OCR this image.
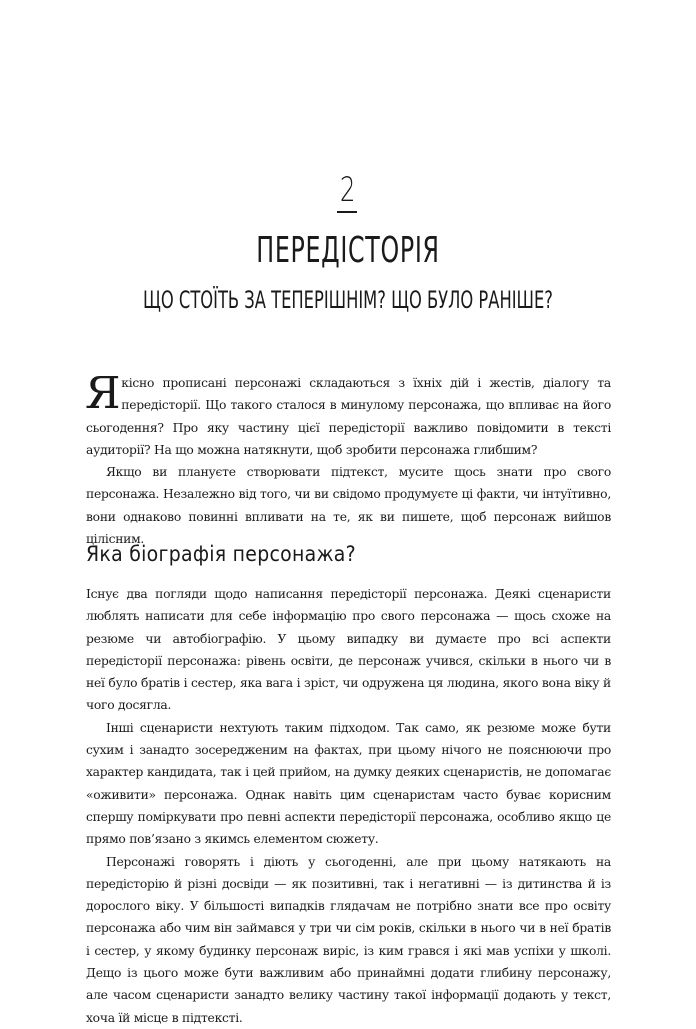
2
ПЕРЕДІСТОРІЯ
ЩО СТОЇТЬ ЗА ТЕПЕРІШНІМ? ЩО БУЛО РАНІШЕ?

Якісно прописані персонажі складаються з їхніх дій і жестів, діалогу та передісторії. Що такого сталося в минулому персонажа, що впливає на його сьогодення? Про яку частину цієї передісторії важливо повідомити в тексті аудиторії? На що можна натякнути, щоб зробити персонажа глибшим?

Якщо ви плануєте створювати підтекст, мусите щось знати про свого персонажа. Незалежно від того, чи ви свідомо продумуєте ці факти, чи інтуїтивно, вони однаково повинні впливати на те, як ви пишете, щоб персонаж вийшов цілісним.

Яка біографія персонажа?

Існує два погляди щодо написання передісторії персонажа. Деякі сценаристи люблять написати для себе інформацію про свого персонажа — щось схоже на резюме чи автобіографію. У цьому випадку ви думаєте про всі аспекти передісторії персонажа: рівень освіти, де персонаж учився, скільки в нього чи в неї було братів і сестер, яка вага і зріст, чи одружена ця людина, якого вона віку й чого досягла.

Інші сценаристи нехтують таким підходом. Так само, як резюме може бути сухим і занадто зосередженим на фактах, при цьому нічого не пояснюючи про характер кандидата, так і цей прийом, на думку деяких сценаристів, не допомагає «оживити» персонажа. Однак навіть цим сценаристам часто буває корисним спершу поміркувати про певні аспекти передісторії персонажа, особливо якщо це прямо пов’язано з якимсь елементом сюжету.

Персонажі говорять і діють у сьогоденні, але при цьому натякають на передісторію й різні досвіди — як позитивні, так і негативні — із дитинства й із дорослого віку. У більшості випадків глядачам не потрібно знати все про освіту персонажа або чим він займався у три чи сім років, скільки в нього чи в неї братів і сестер, у якому будинку персонаж виріс, із ким грався і які мав успіхи у школі. Дещо із цього може бути важливим або принаймні додати глибину персонажу, але часом сценаристи занадто велику частину такої інформації додають у текст, хоча їй місце в підтексті.
